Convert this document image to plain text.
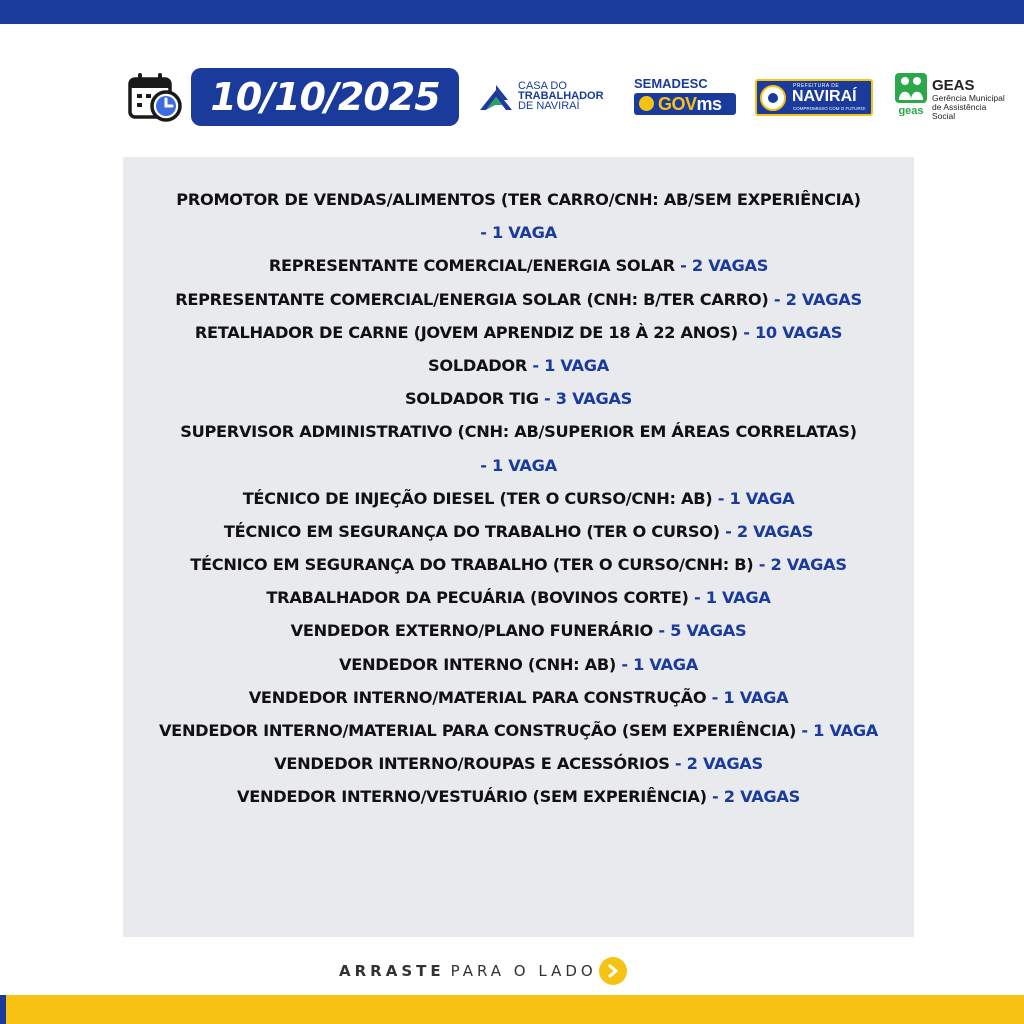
10/10/2025	CASA DO
TRABALHADOR
DE NAVIRAÍ
SEMADESC
GOV ms
PREFEITURA DE
NAVIRAÍ
COMPROMISSO COM O FUTURO!	geas
GEAS
Gerência Municipal
de Assistência Social
PROMOTOR DE VENDAS/ALIMENTOS (TER CARRO/CNH: AB/SEM EXPERIÊNCIA)
- 1 VAGA
REPRESENTANTE COMERCIAL/ENERGIA SOLAR - 2 VAGAS
REPRESENTANTE COMERCIAL/ENERGIA SOLAR (CNH: B/TER CARRO) - 2 VAGAS
RETALHADOR DE CARNE (JOVEM APRENDIZ DE 18 À 22 ANOS) - 10 VAGAS
SOLDADOR - 1 VAGA
SOLDADOR TIG - 3 VAGAS
SUPERVISOR ADMINISTRATIVO (CNH: AB/SUPERIOR EM ÁREAS CORRELATAS)
- 1 VAGA
TÉCNICO DE INJEÇÃO DIESEL (TER O CURSO/CNH: AB) - 1 VAGA
TÉCNICO EM SEGURANÇA DO TRABALHO (TER O CURSO) - 2 VAGAS
TÉCNICO EM SEGURANÇA DO TRABALHO (TER O CURSO/CNH: B) - 2 VAGAS
TRABALHADOR DA PECUÁRIA (BOVINOS CORTE) - 1 VAGA
VENDEDOR EXTERNO/PLANO FUNERÁRIO - 5 VAGAS
VENDEDOR INTERNO (CNH: AB) - 1 VAGA
VENDEDOR INTERNO/MATERIAL PARA CONSTRUÇÃO - 1 VAGA
VENDEDOR INTERNO/MATERIAL PARA CONSTRUÇÃO (SEM EXPERIÊNCIA) - 1 VAGA
VENDEDOR INTERNO/ROUPAS E ACESSÓRIOS - 2 VAGAS
VENDEDOR INTERNO/VESTUÁRIO (SEM EXPERIÊNCIA) - 2 VAGAS
ARRASTE PARA O LADO
